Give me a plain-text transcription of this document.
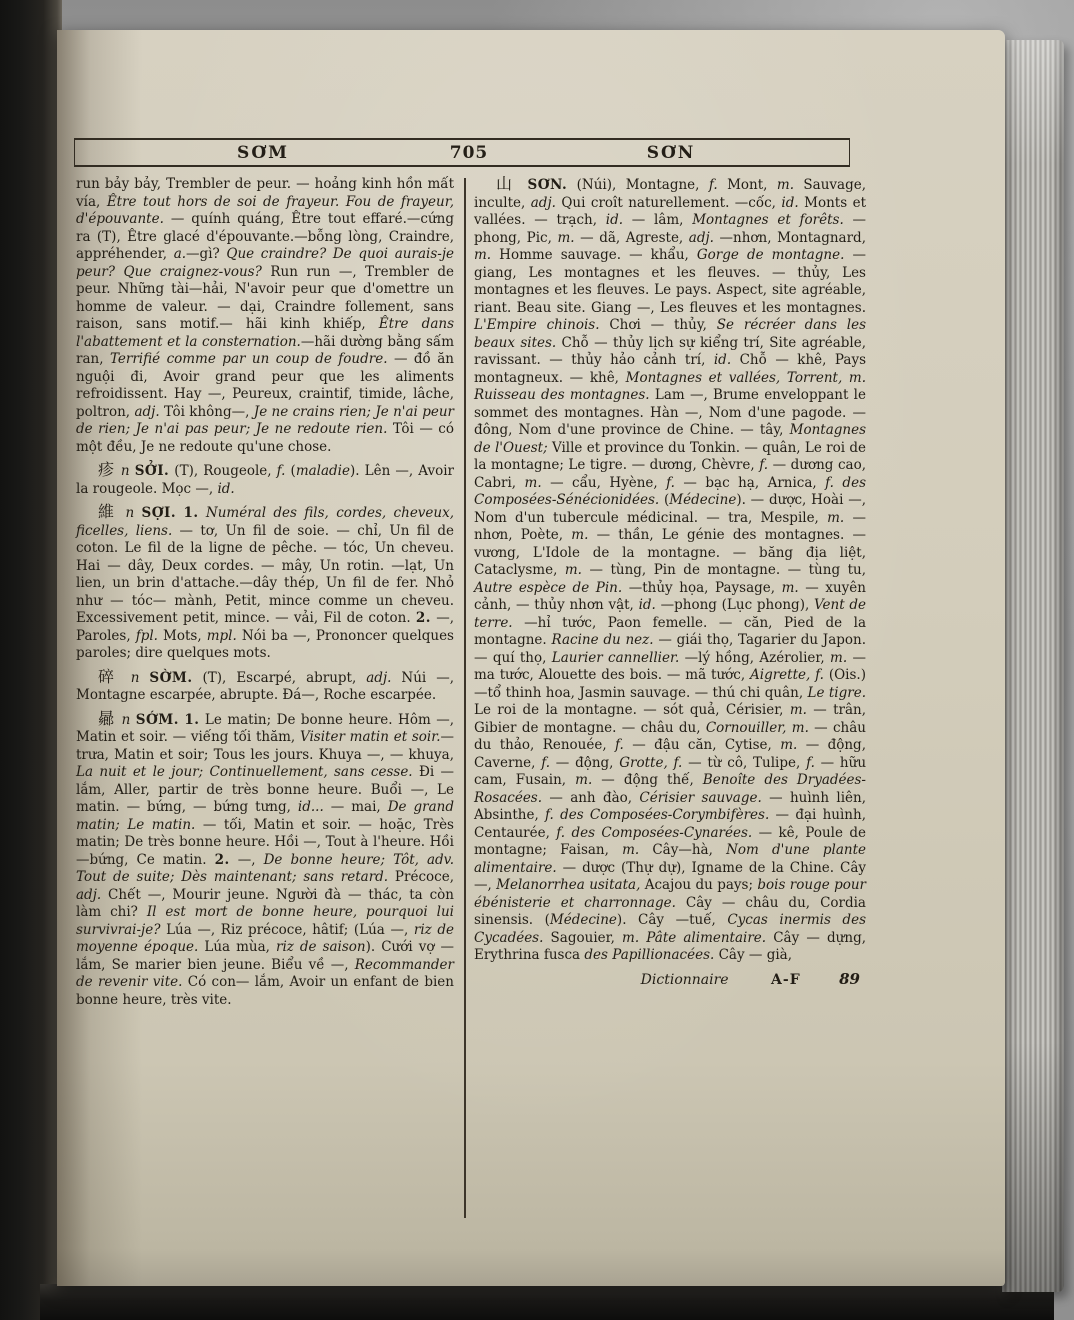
SƠM	705	SƠN
run bảy bảy, Trembler de peur. — hoảng kinh hồn mất vía, Être tout hors de soi de frayeur. Fou de frayeur, d'épouvante. — quính quáng, Être tout effaré.—cứng ra (T), Être glacé d'épouvante.—bỗng lòng, Craindre, appréhender, a.—gì? Que craindre? De quoi aurais-je peur? Que craignez-vous? Run run —, Trembler de peur. Những tài—hải, N'avoir peur que d'omettre un homme de valeur. — dại, Craindre follement, sans raison, sans motif.— hãi kinh khiếp, Être dans l'abattement et la consternation.—hãi dường bằng sấm ran, Terrifié comme par un coup de foudre. — đồ ăn nguội đi, Avoir grand peur que les aliments refroidissent. Hay —, Peureux, craintif, timide, lâche, poltron, adj. Tôi không—, Je ne crains rien; Je n'ai peur de rien; Je n'ai pas peur; Je ne redoute rien. Tôi — có một đều, Je ne redoute qu'une chose.
疹 n SỞI. (T), Rougeole, f. (maladie). Lên —, Avoir la rougeole. Mọc —, id.
維 n SỢI. 1. Numéral des fils, cordes, cheveux, ficelles, liens. — tơ, Un fil de soie. — chỉ, Un fil de coton. Le fil de la ligne de pêche. — tóc, Un cheveu. Hai — dây, Deux cordes. — mây, Un rotin. —lạt, Un lien, un brin d'attache.—dây thép, Un fil de fer. Nhỏ như — tóc— mành, Petit, mince comme un cheveu. Excessivement petit, mince. — vải, Fil de coton. 2. —, Paroles, fpl. Mots, mpl. Nói ba —, Prononcer quelques paroles; dire quelques mots.
碎 n SỜM. (T), Escarpé, abrupt, adj. Núi —, Montagne escarpée, abrupte. Đá—, Roche escarpée.
曏 n SỚM. 1. Le matin; De bonne heure. Hôm —, Matin et soir. — viếng tối thăm, Visiter matin et soir.—trưa, Matin et soir; Tous les jours. Khuya —, — khuya, La nuit et le jour; Continuellement, sans cesse. Đi — lắm, Aller, partir de très bonne heure. Buổi —, Le matin. — bứng, — bứng tưng, id... — mai, De grand matin; Le matin. — tối, Matin et soir. — hoặc, Très matin; De très bonne heure. Hồi —, Tout à l'heure. Hồi —bứng, Ce matin. 2. —, De bonne heure; Tôt, adv. Tout de suite; Dès maintenant; sans retard. Précoce, adj. Chết —, Mourir jeune. Người đà — thác, ta còn làm chi? Il est mort de bonne heure, pourquoi lui survivrai-je? Lúa —, Riz précoce, hâtif; (Lúa —, riz de moyenne époque. Lúa mùa, riz de saison). Cưới vợ — lắm, Se marier bien jeune. Biểu về —, Recommander de revenir vite. Có con— lắm, Avoir un enfant de bien bonne heure, très vite.
山 SƠN. (Núi), Montagne, f. Mont, m. Sauvage, inculte, adj. Qui croît naturellement. —cốc, id. Monts et vallées. — trạch, id. — lâm, Montagnes et forêts. — phong, Pic, m. — dã, Agreste, adj. —nhơn, Montagnard, m. Homme sauvage. — khẩu, Gorge de montagne. —giang, Les montagnes et les fleuves. — thủy, Les montagnes et les fleuves. Le pays. Aspect, site agréable, riant. Beau site. Giang —, Les fleuves et les montagnes. L'Empire chinois. Chơi — thủy, Se récréer dans les beaux sites. Chỗ — thủy lịch sự kiểng trí, Site agréable, ravissant. — thủy hảo cảnh trí, id. Chỗ — khê, Pays montagneux. — khê, Montagnes et vallées, Torrent, m. Ruisseau des montagnes. Lam —, Brume enveloppant le sommet des montagnes. Hàn —, Nom d'une pagode. — đông, Nom d'une province de Chine. — tây, Montagnes de l'Ouest; Ville et province du Tonkin. — quân, Le roi de la montagne; Le tigre. — dương, Chèvre, f. — dương cao, Cabri, m. — cẩu, Hyène, f. — bạc hạ, Arnica, f. des Composées-Sénécionidées. (Médecine). — dược, Hoài —, Nom d'un tubercule médicinal. — tra, Mespile, m. —nhơn, Poète, m. — thần, Le génie des montagnes. — vương, L'Idole de la montagne. — băng địa liệt, Cataclysme, m. — tùng, Pin de montagne. — tùng tu, Autre espèce de Pin. —thủy họa, Paysage, m. — xuyên cảnh, — thủy nhơn vật, id. —phong (Lục phong), Vent de terre. —hỉ tước, Paon femelle. — căn, Pied de la montagne. Racine du nez. — giái thọ, Tagarier du Japon. — quí thọ, Laurier cannellier. —lý hồng, Azérolier, m. — ma tước, Alouette des bois. — mã tước, Aigrette, f. (Ois.) —tổ thinh hoa, Jasmin sauvage. — thú chi quân, Le tigre. Le roi de la montagne. — sót quả, Cérisier, m. — trân, Gibier de montagne. — châu du, Cornouiller, m. — châu du thảo, Renouée, f. — đậu căn, Cytise, m. — động, Caverne, f. — động, Grotte, f. — từ cô, Tulipe, f. — hữu cam, Fusain, m. — động thế, Benoîte des Dryadées-Rosacées. — anh đào, Cérisier sauvage. — huình liên, Absinthe, f. des Composées-Corymbifères. — đại huình, Centaurée, f. des Composées-Cynarées. — kê, Poule de montagne; Faisan, m. Cây—hà, Nom d'une plante alimentaire. — dược (Thự dự), Igname de la Chine. Cây —, Melanorrhea usitata, Acajou du pays; bois rouge pour ébénisterie et charronnage. Cây — châu du, Cordia sinensis. (Médecine). Cây —tuế, Cycas inermis des Cycadées. Sagouier, m. Pâte alimentaire. Cây — dựng, Erythrina fusca des Papillionacées. Cây — già,
Dictionnaire	A-F	89
